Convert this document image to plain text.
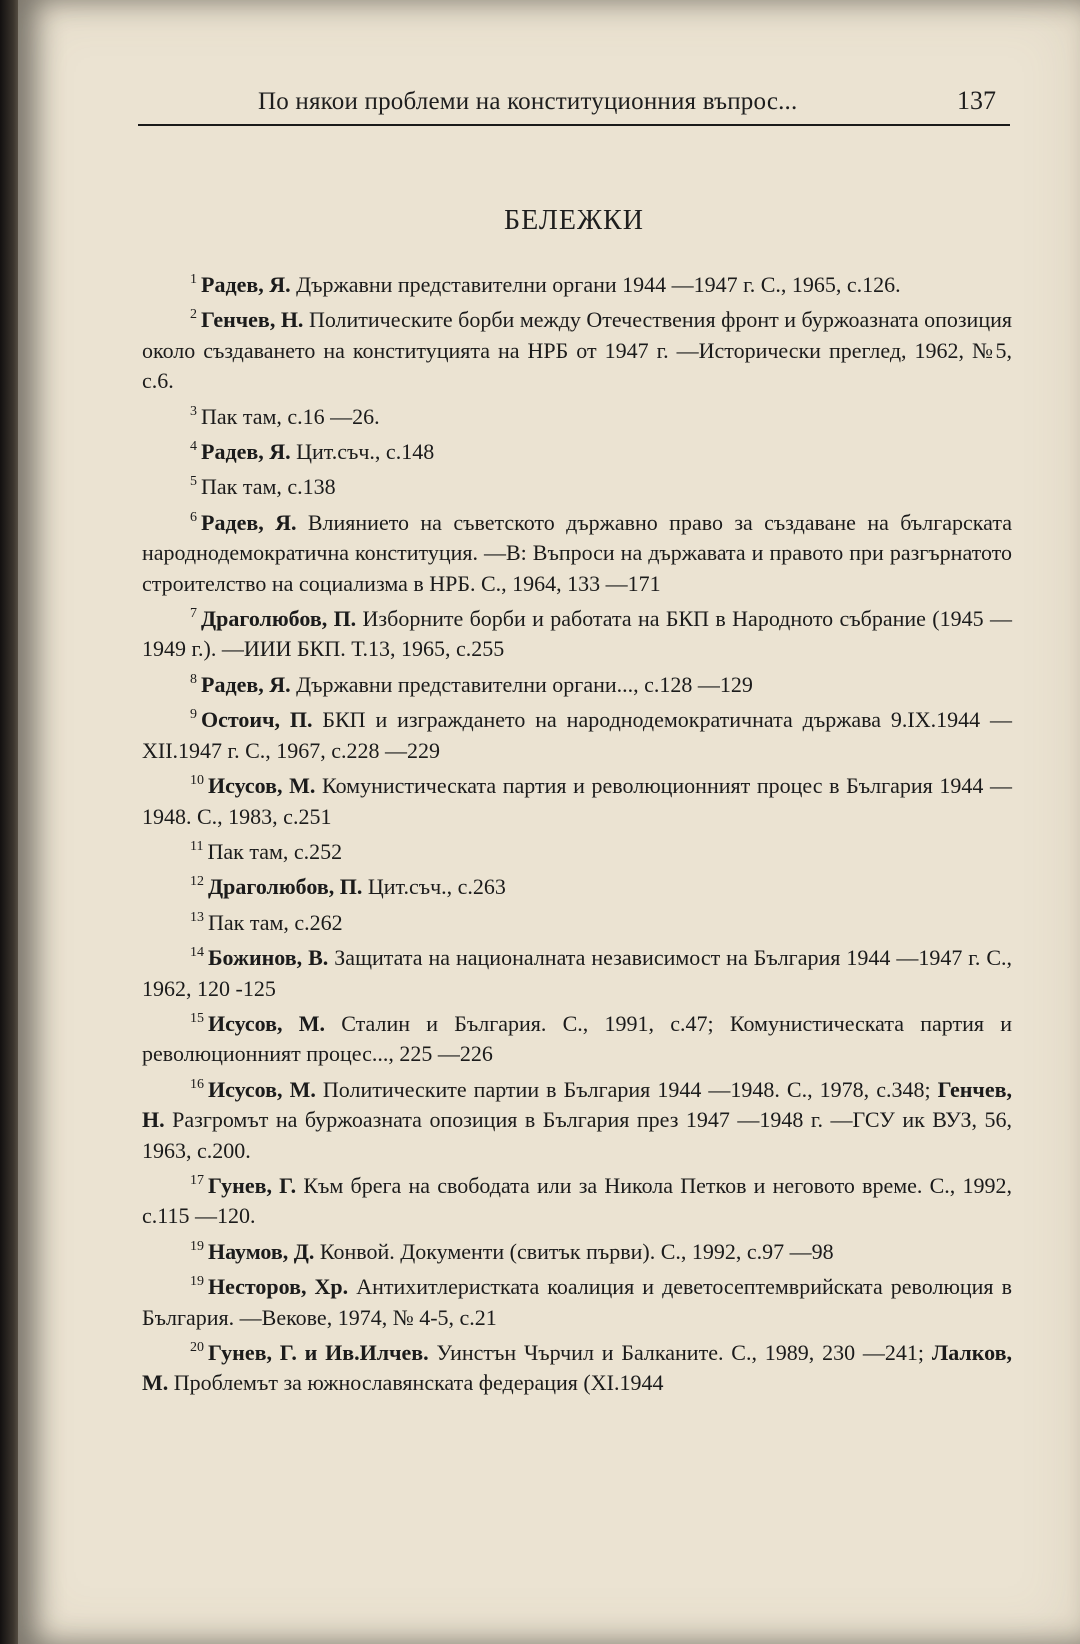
По някои проблеми на конституционния въпрос...	137
БЕЛЕЖКИ

$^1$ Радев, Я. Държавни представителни органи 1944 —1947 г. С., 1965, с.126.

$^2$ Генчев, Н. Политическите борби между Отечествения фронт и буржоазната опозиция около създаването на конституцията на НРБ от 1947 г. —Исторически преглед, 1962, №5, с.6.

$^3$ Пак там, с.16 —26.

$^4$ Радев, Я. Цит.съч., с.148

$^5$ Пак там, с.138

$^6$ Радев, Я. Влиянието на съветското държавно право за създаване на българската народнодемократична конституция. —В: Въпроси на държавата и правото при разгърнатото строителство на социализма в НРБ. С., 1964, 133 —171

$^7$ Драголюбов, П. Изборните борби и работата на БКП в Народното събрание (1945 —1949 г.). —ИИИ БКП. Т.13, 1965, с.255

$^8$ Радев, Я. Държавни представителни органи..., с.128 —129

$^9$ Остоич, П. БКП и изграждането на народнодемократичната държава 9.IX.1944 —XII.1947 г. С., 1967, с.228 —229

$^{10}$ Исусов, М. Комунистическата партия и революционният процес в България 1944 —1948. С., 1983, с.251

$^{11}$ Пак там, с.252

$^{12}$ Драголюбов, П. Цит.съч., с.263

$^{13}$ Пак там, с.262

$^{14}$ Божинов, В. Защитата на националната независимост на България 1944 —1947 г. С., 1962, 120 -125

$^{15}$ Исусов, М. Сталин и България. С., 1991, с.47; Комунистическата партия и революционният процес..., 225 —226

$^{16}$ Исусов, М. Политическите партии в България 1944 —1948. С., 1978, с.348; Генчев, Н. Разгромът на буржоазната опозиция в България през 1947 —1948 г. —ГСУ ик ВУЗ, 56, 1963, с.200.

$^{17}$ Гунев, Г. Към брега на свободата или за Никола Петков и неговото време. С., 1992, с.115 —120.

$^{19}$ Наумов, Д. Конвой. Документи (свитък първи). С., 1992, с.97 —98

$^{19}$ Несторов, Хр. Антихитлеристката коалиция и деветосептемврийската революция в България. —Векове, 1974, № 4-5, с.21

$^{20}$ Гунев, Г. и Ив.Илчев. Уинстън Чърчил и Балканите. С., 1989, 230 —241; Лалков, М. Проблемът за южнославянската федерация (XI.1944
